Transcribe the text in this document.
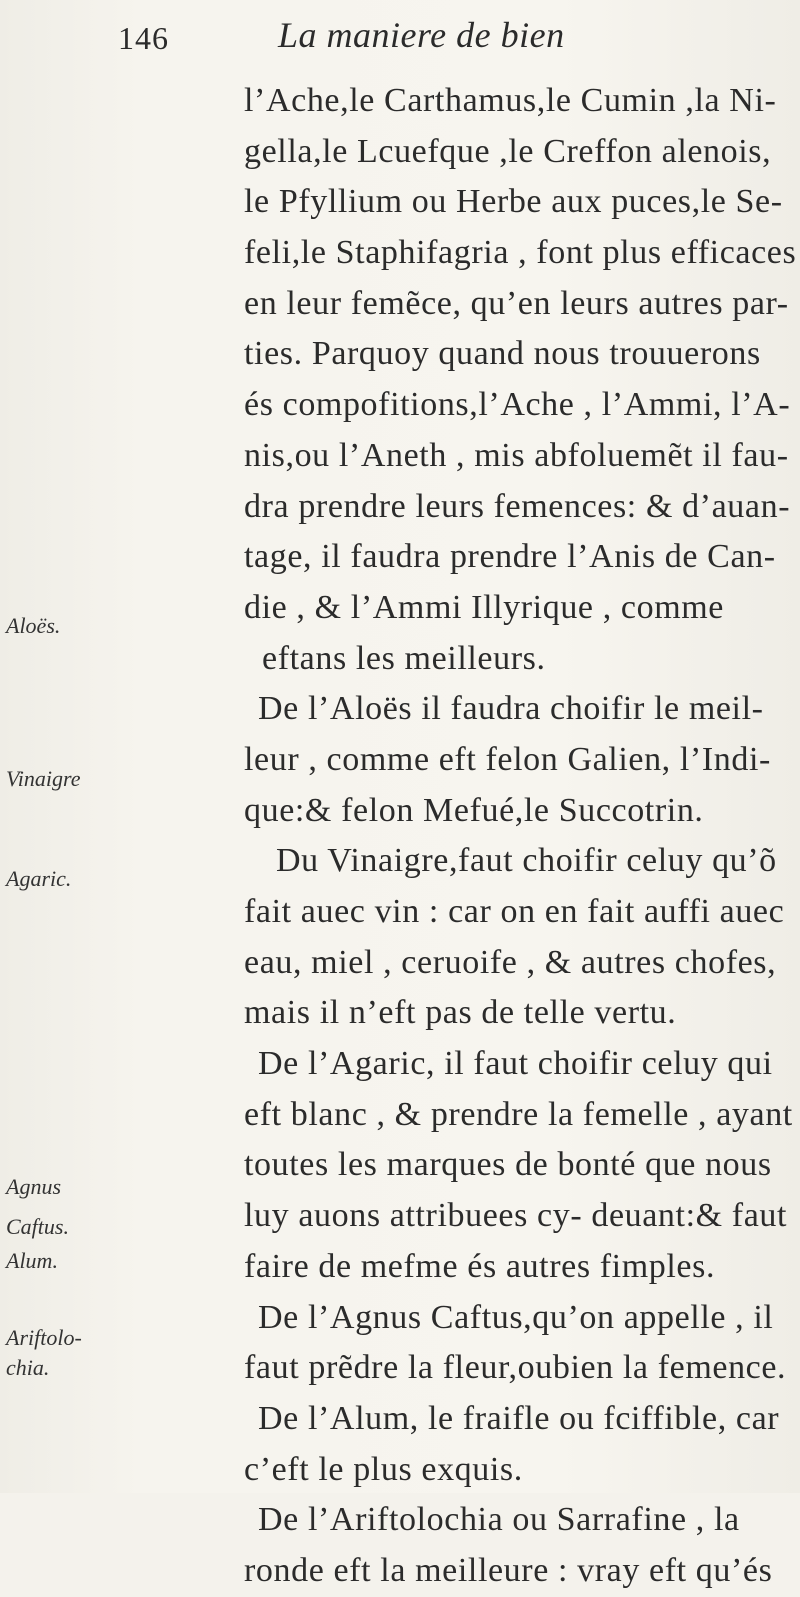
146	La maniere de bien
Aloës.
Vinaigre
Agaric.
Agnus
Caftus.
Alum.
Ariftolo-
chia.
l’Ache,le Carthamus,le Cumin ,la Ni-
gella,le Lcuefque ,le Creffon alenois,
le Pfyllium ou Herbe aux puces,le Se-
feli,le Staphifagria , font plus efficaces
en leur femẽce, qu’en leurs autres par-
ties. Parquoy quand nous trouuerons
és compofitions,l’Ache , l’Ammi, l’A-
nis,ou l’Aneth , mis abfoluemẽt il fau-
dra prendre leurs femences: & d’auan-
tage, il faudra prendre l’Anis de Can-
die , & l’Ammi Illyrique , comme
eftans les meilleurs.
De l’Aloës il faudra choifir le meil-
leur , comme eft felon Galien, l’Indi-
que:& felon Mefué,le Succotrin.
Du Vinaigre,faut choifir celuy qu’õ
fait auec vin : car on en fait auffi auec
eau, miel , ceruoife , & autres chofes,
mais il n’eft pas de telle vertu.
De l’Agaric, il faut choifir celuy qui
eft blanc , & prendre la femelle , ayant
toutes les marques de bonté que nous
luy auons attribuees cy- deuant:& faut
faire de mefme és autres fimples.
De l’Agnus Caftus,qu’on appelle , il
faut prẽdre la fleur,oubien la femence.
De l’Alum, le fraifle ou fciffible, car
c’eft le plus exquis.
De l’Ariftolochia ou Sarrafine , la
ronde eft la meilleure : vray eft qu’és
